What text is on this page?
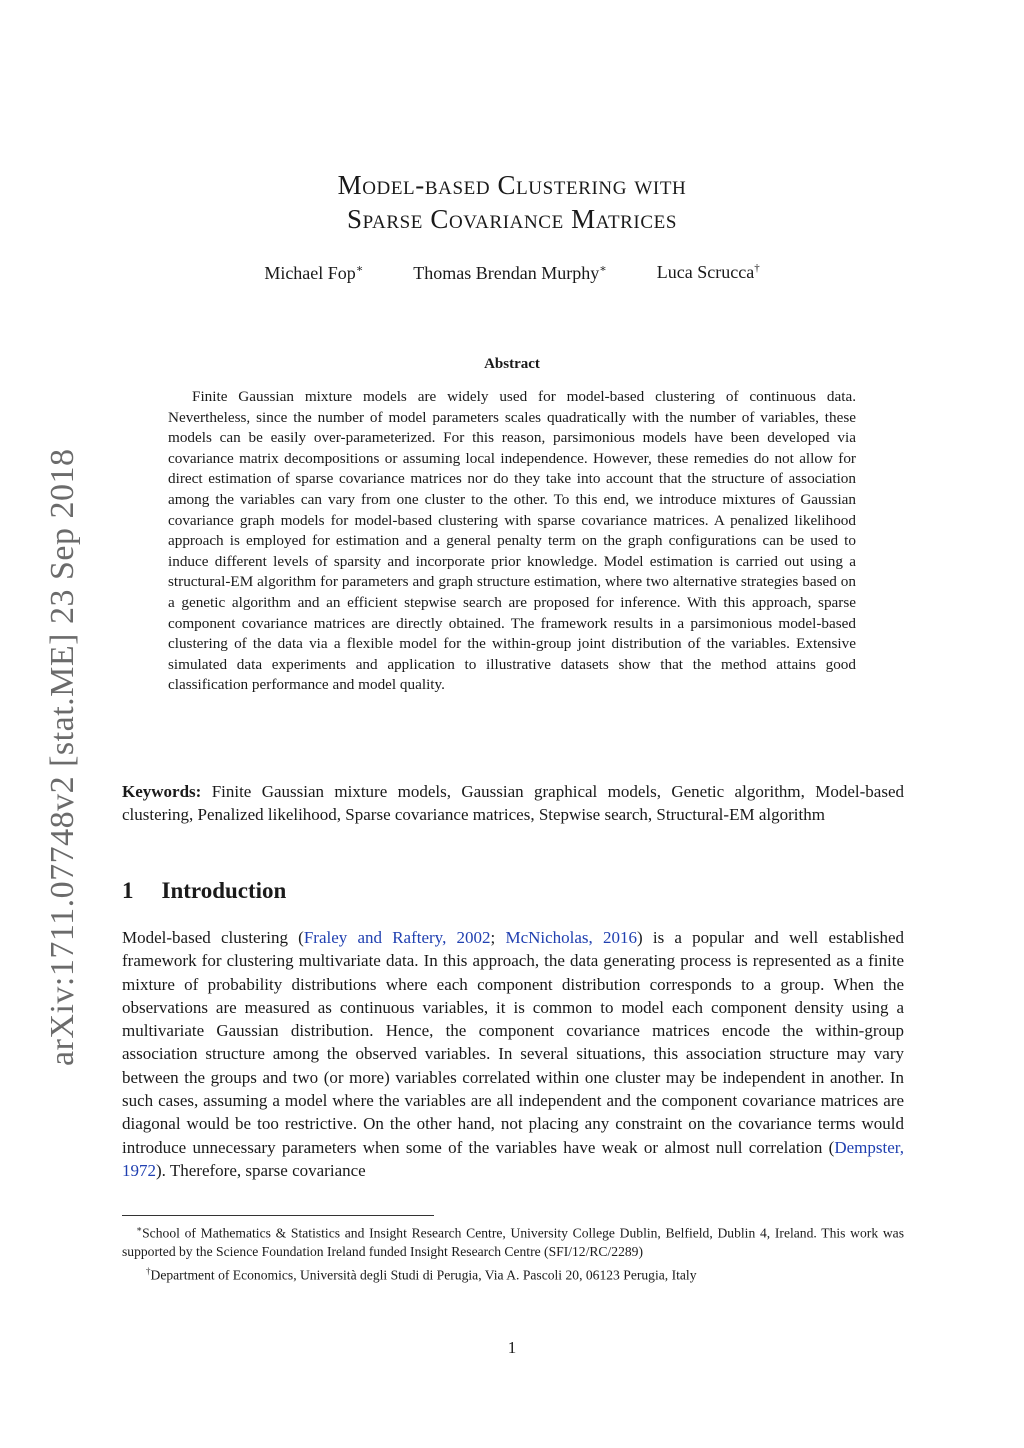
arXiv:1711.07748v2 [stat.ME] 23 Sep 2018
Model-based Clustering with
Sparse Covariance Matrices
Michael Fop∗	Thomas Brendan Murphy∗	Luca Scrucca†
Abstract
Finite Gaussian mixture models are widely used for model-based clustering of continuous data. Nevertheless, since the number of model parameters scales quadratically with the number of variables, these models can be easily over-parameterized. For this reason, parsimonious models have been developed via covariance matrix decompositions or assuming local independence. However, these remedies do not allow for direct estimation of sparse covariance matrices nor do they take into account that the structure of association among the variables can vary from one cluster to the other. To this end, we introduce mixtures of Gaussian covariance graph models for model-based clustering with sparse covariance matrices. A penalized likelihood approach is employed for estimation and a general penalty term on the graph configurations can be used to induce different levels of sparsity and incorporate prior knowledge. Model estimation is carried out using a structural-EM algorithm for parameters and graph structure estimation, where two alternative strategies based on a genetic algorithm and an efficient stepwise search are proposed for inference. With this approach, sparse component covariance matrices are directly obtained. The framework results in a parsimonious model-based clustering of the data via a flexible model for the within-group joint distribution of the variables. Extensive simulated data experiments and application to illustrative datasets show that the method attains good classification performance and model quality.
Keywords: Finite Gaussian mixture models, Gaussian graphical models, Genetic algorithm, Model-based clustering, Penalized likelihood, Sparse covariance matrices, Stepwise search, Structural-EM algorithm
1 Introduction
Model-based clustering (Fraley and Raftery, 2002; McNicholas, 2016) is a popular and well established framework for clustering multivariate data. In this approach, the data generating process is represented as a finite mixture of probability distributions where each component distribution corresponds to a group. When the observations are measured as continuous variables, it is common to model each component density using a multivariate Gaussian distribution. Hence, the component covariance matrices encode the within-group association structure among the observed variables. In several situations, this association structure may vary between the groups and two (or more) variables correlated within one cluster may be independent in another. In such cases, assuming a model where the variables are all independent and the component covariance matrices are diagonal would be too restrictive. On the other hand, not placing any constraint on the covariance terms would introduce unnecessary parameters when some of the variables have weak or almost null correlation (Dempster, 1972). Therefore, sparse covariance

∗School of Mathematics & Statistics and Insight Research Centre, University College Dublin, Belfield, Dublin 4, Ireland. This work was supported by the Science Foundation Ireland funded Insight Research Centre (SFI/12/RC/2289)

†Department of Economics, Università degli Studi di Perugia, Via A. Pascoli 20, 06123 Perugia, Italy

1
